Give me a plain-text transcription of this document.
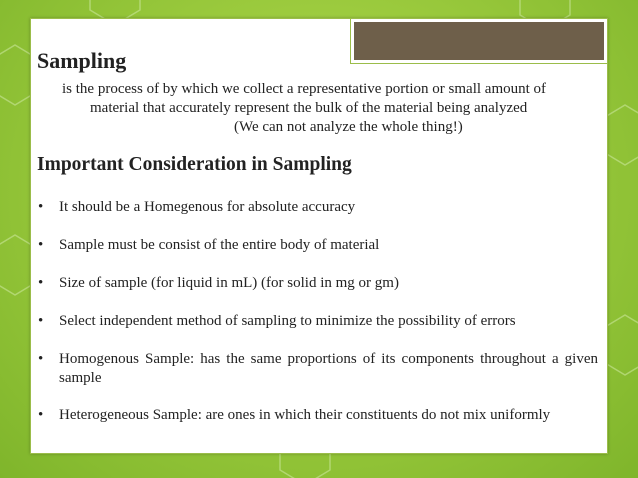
Sampling
is the process of by which we collect a representative portion or small amount of
material that accurately represent the bulk of the material being analyzed
(We can not analyze the whole thing!)
Important Consideration in Sampling
• It should be a Homegenous for absolute accuracy
• Sample must be consist of the entire body of material
• Size of sample (for liquid in mL) (for solid in mg or gm)
• Select independent method of sampling to minimize the possibility of errors
• Homogenous Sample: has the same proportions of its components throughout a given sample
• Heterogeneous Sample: are ones in which their constituents do not mix uniformly
